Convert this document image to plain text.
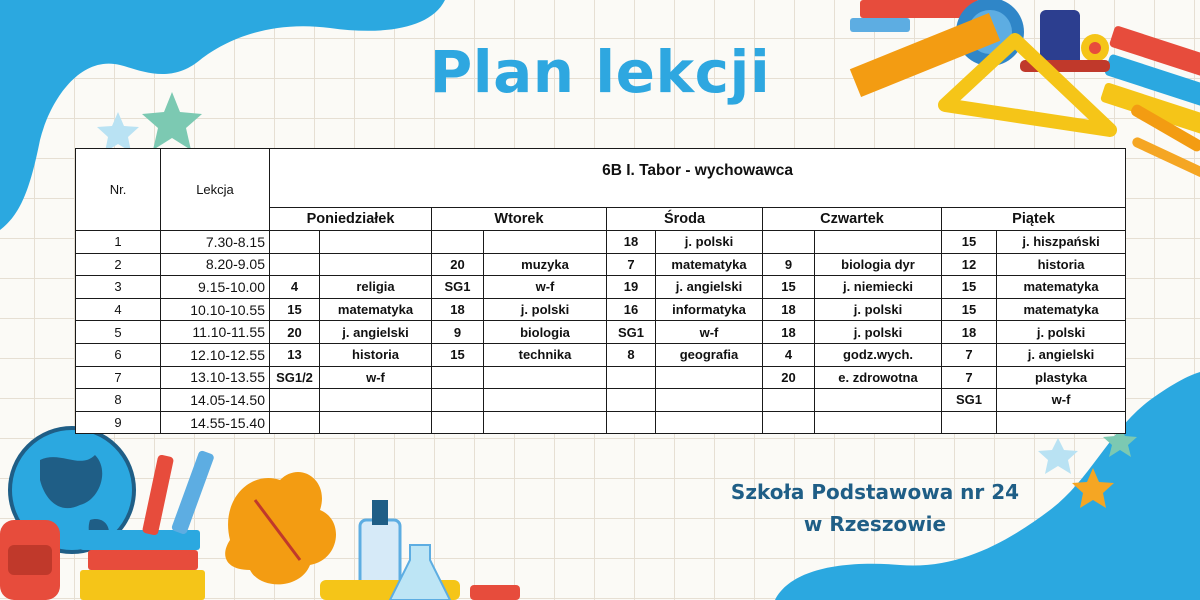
Plan lekcji
Nr.	Lekcja	6B I. Tabor - wychowawca									
		Poniedziałek		Wtorek		Środa		Czwartek		Piątek	
1	7.30-8.15					18	j. polski			15	j. hiszpański
2	8.20-9.05			20	muzyka	7	matematyka	9	biologia dyr	12	historia
3	9.15-10.00	4	religia	SG1	w-f	19	j. angielski	15	j. niemiecki	15	matematyka
4	10.10-10.55	15	matematyka	18	j. polski	16	informatyka	18	j. polski	15	matematyka
5	11.10-11.55	20	j. angielski	9	biologia	SG1	w-f	18	j. polski	18	j. polski
6	12.10-12.55	13	historia	15	technika	8	geografia	4	godz.wych.	7	j. angielski
7	13.10-13.55	SG1/2	w-f					20	e. zdrowotna	7	plastyka
8	14.05-14.50									SG1	w-f
9	14.55-15.40										
Szkoła Podstawowa nr 24
w Rzeszowie
